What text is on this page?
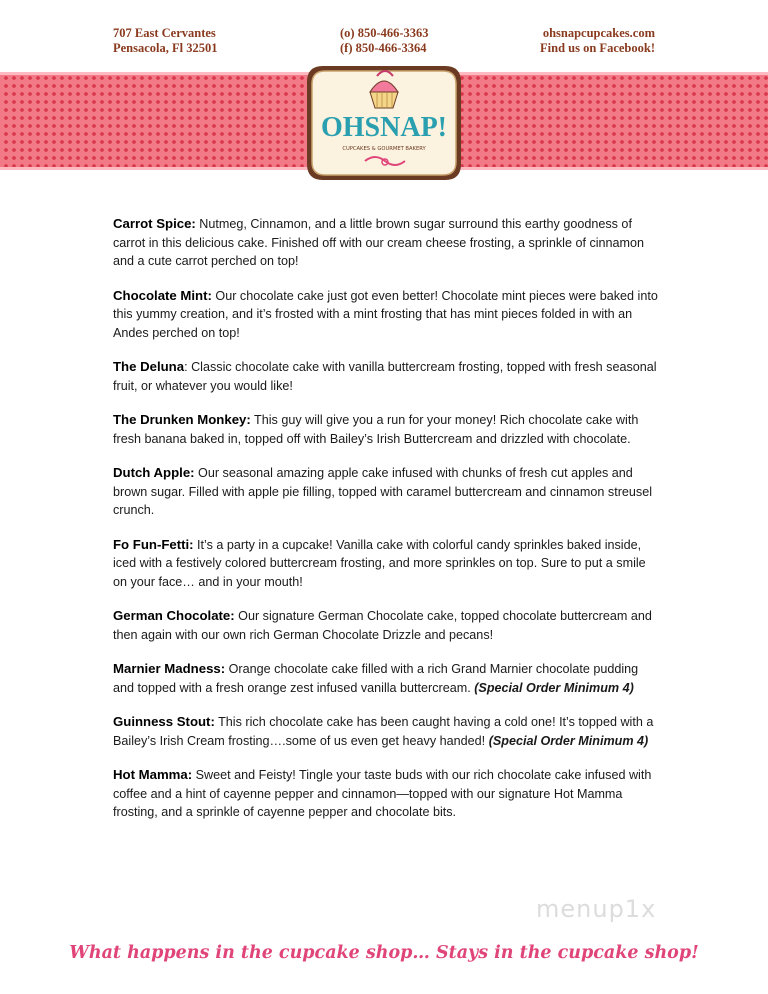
707 East Cervantes
Pensacola, Fl 32501
(o) 850-466-3363
(f) 850-466-3364
ohsnapcupcakes.com
Find us on Facebook!
OHSNAP!
CUPCAKES & GOURMET BAKERY
Carrot Spice: Nutmeg, Cinnamon, and a little brown sugar surround this earthy goodness of carrot in this delicious cake. Finished off with our cream cheese frosting, a sprinkle of cinnamon and a cute carrot perched on top!
Chocolate Mint: Our chocolate cake just got even better! Chocolate mint pieces were baked into this yummy creation, and it’s frosted with a mint frosting that has mint pieces folded in with an Andes perched on top!
The Deluna: Classic chocolate cake with vanilla buttercream frosting, topped with fresh seasonal fruit, or whatever you would like!
The Drunken Monkey: This guy will give you a run for your money! Rich chocolate cake with fresh banana baked in, topped off with Bailey’s Irish Buttercream and drizzled with chocolate.
Dutch Apple: Our seasonal amazing apple cake infused with chunks of fresh cut apples and brown sugar. Filled with apple pie filling, topped with caramel buttercream and cinnamon streusel crunch.
Fo Fun-Fetti: It’s a party in a cupcake! Vanilla cake with colorful candy sprinkles baked inside, iced with a festively colored buttercream frosting, and more sprinkles on top. Sure to put a smile on your face… and in your mouth!
German Chocolate: Our signature German Chocolate cake, topped chocolate buttercream and then again with our own rich German Chocolate Drizzle and pecans!
Marnier Madness: Orange chocolate cake filled with a rich Grand Marnier chocolate pudding and topped with a fresh orange zest infused vanilla buttercream. (Special Order Minimum 4)
Guinness Stout: This rich chocolate cake has been caught having a cold one! It’s topped with a Bailey’s Irish Cream frosting….some of us even get heavy handed! (Special Order Minimum 4)
Hot Mamma: Sweet and Feisty! Tingle your taste buds with our rich chocolate cake infused with coffee and a hint of cayenne pepper and cinnamon—topped with our signature Hot Mamma frosting, and a sprinkle of cayenne pepper and chocolate bits.
menup1x
What happens in the cupcake shop… Stays in the cupcake shop!
